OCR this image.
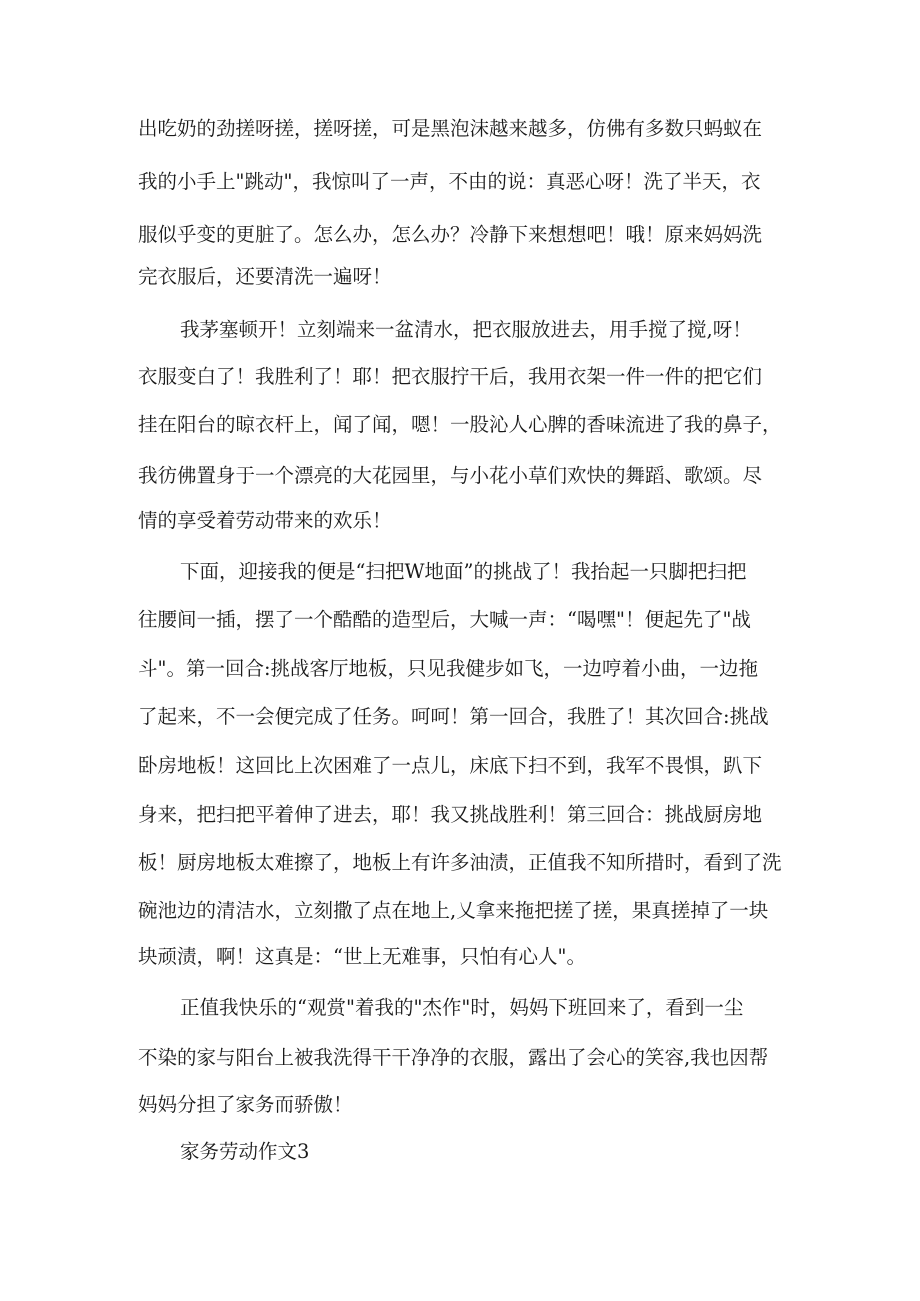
出吃奶的劲搓呀搓，搓呀搓，可是黑泡沫越来越多，仿佛有多数只蚂蚁在
我的小手上"跳动"，我惊叫了一声，不由的说：真恶心呀！洗了半天，衣
服似乎变的更脏了。怎么办，怎么办？冷静下来想想吧！哦！原来妈妈洗
完衣服后，还要清洗一遍呀！
我茅塞顿开！立刻端来一盆清水，把衣服放进去，用手搅了搅,呀！
衣服变白了！我胜利了！耶！把衣服拧干后，我用衣架一件一件的把它们
挂在阳台的晾衣杆上，闻了闻，嗯！一股沁人心脾的香味流进了我的鼻子，
我彷佛置身于一个漂亮的大花园里，与小花小草们欢快的舞蹈、歌颂。尽
情的享受着劳动带来的欢乐！
下面，迎接我的便是“扫把W地面”的挑战了！我抬起一只脚把扫把
往腰间一插，摆了一个酷酷的造型后，大喊一声：“喝嘿"！便起先了"战
斗"。第一回合:挑战客厅地板，只见我健步如飞，一边哼着小曲，一边拖
了起来，不一会便完成了任务。呵呵！第一回合，我胜了！其次回合:挑战
卧房地板！这回比上次困难了一点儿，床底下扫不到，我军不畏惧，趴下
身来，把扫把平着伸了进去，耶！我又挑战胜利！第三回合：挑战厨房地
板！厨房地板太难擦了，地板上有许多油渍，正值我不知所措时，看到了洗
碗池边的清洁水，立刻撒了点在地上,乂拿来拖把搓了搓，果真搓掉了一块
块顽渍，啊！这真是：“世上无难事，只怕有心人"。
正值我快乐的“观赏"着我的"杰作"时，妈妈下班回来了，看到一尘
不染的家与阳台上被我洗得干干净净的衣服，露出了会心的笑容,我也因帮
妈妈分担了家务而骄傲！
家务劳动作文3
